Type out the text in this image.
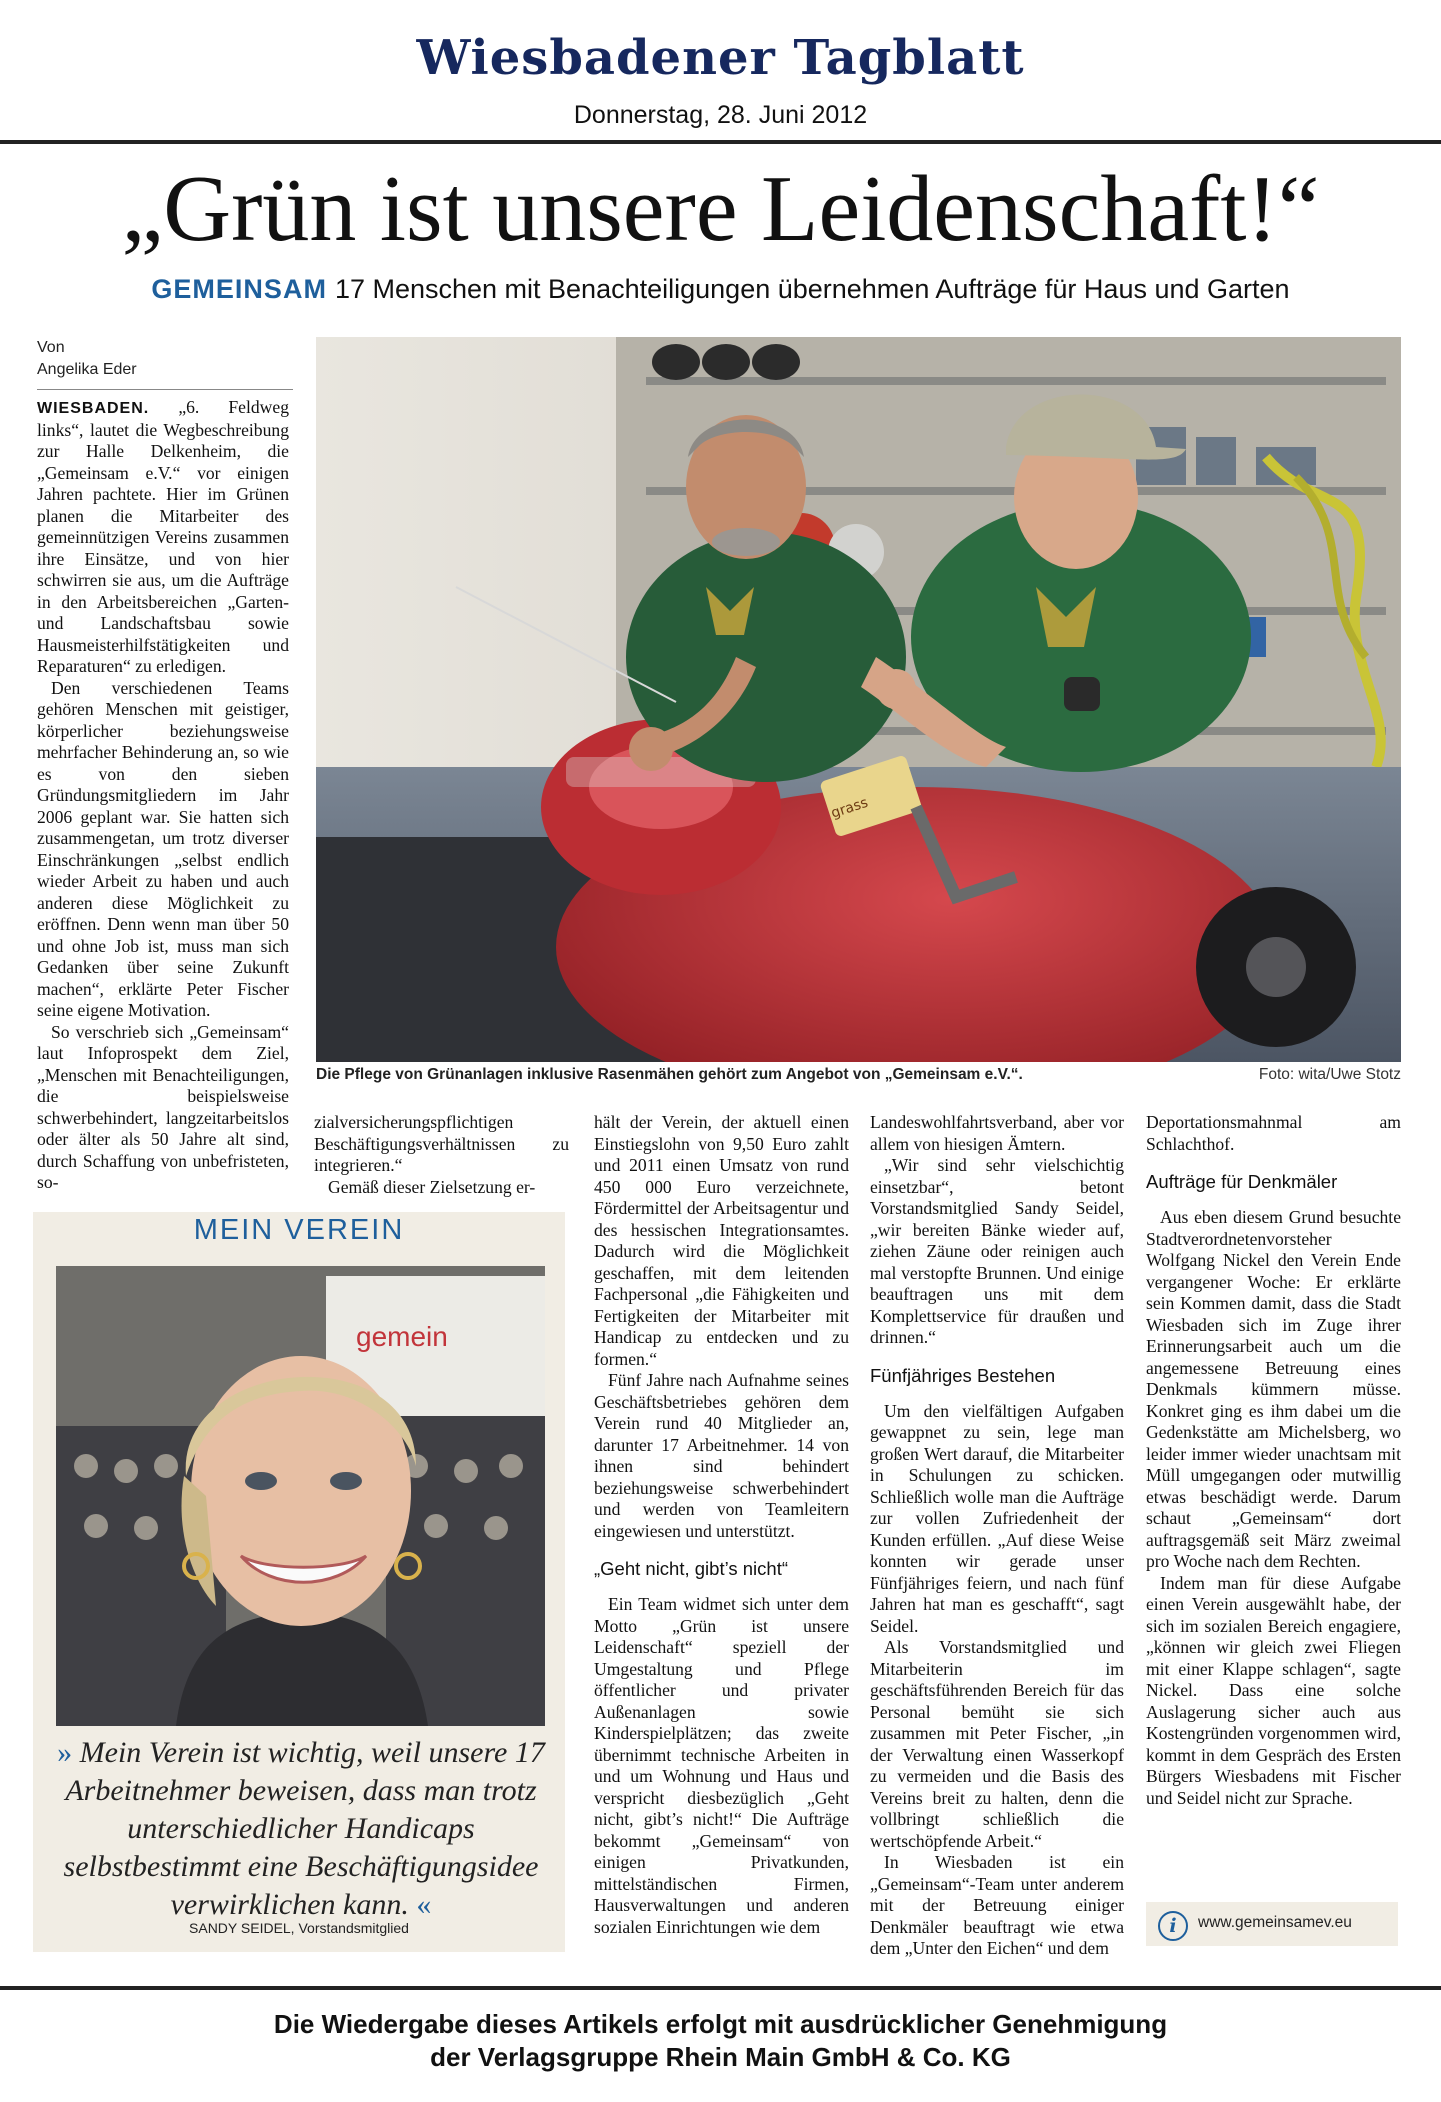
Wiesbadener Tagblatt
Donnerstag, 28. Juni 2012
„Grün ist unsere Leidenschaft!“
GEMEINSAM 17 Menschen mit Benachteiligungen übernehmen Aufträge für Haus und Garten
Von
Angelika Eder

WIESBADEN. „6. Feldweg links“, lautet die Wegbeschreibung zur Halle Delkenheim, die „Gemeinsam e.V.“ vor einigen Jahren pachtete. Hier im Grünen planen die Mitarbeiter des gemeinnützigen Vereins zusammen ihre Einsätze, und von hier schwirren sie aus, um die Aufträge in den Arbeitsbereichen „Garten- und Landschaftsbau sowie Hausmeisterhilfstätigkeiten und Reparaturen“ zu erledigen.

Den verschiedenen Teams gehören Menschen mit geistiger, körperlicher beziehungsweise mehrfacher Behinderung an, so wie es von den sieben Gründungsmitgliedern im Jahr 2006 geplant war. Sie hatten sich zusammengetan, um trotz diverser Einschränkungen „selbst endlich wieder Arbeit zu haben und auch anderen diese Möglichkeit zu eröffnen. Denn wenn man über 50 und ohne Job ist, muss man sich Gedanken über seine Zukunft machen“, erklärte Peter Fischer seine eigene Motivation.

So verschrieb sich „Gemeinsam“ laut Infoprospekt dem Ziel, „Menschen mit Benachteiligungen, die beispielsweise schwerbehindert, langzeitarbeitslos oder älter als 50 Jahre alt sind, durch Schaffung von unbefristeten, so-

grass
Die Pflege von Grünanlagen inklusive Rasenmähen gehört zum Angebot von „Gemeinsam e.V.“.	Foto: wita/Uwe Stotz

zialversicherungspflichtigen Beschäftigungsverhältnissen zu integrieren.“

Gemäß dieser Zielsetzung er-

MEIN VEREIN
gemein
» Mein Verein ist wichtig, weil unsere 17 Arbeitnehmer beweisen, dass man trotz unterschiedlicher Handicaps selbstbestimmt eine Beschäftigungsidee verwirklichen kann. «
SANDY SEIDEL, Vorstandsmitglied

hält der Verein, der aktuell einen Einstiegslohn von 9,50 Euro zahlt und 2011 einen Umsatz von rund 450 000 Euro verzeichnete, Fördermittel der Arbeitsagentur und des hessischen Integrationsamtes. Dadurch wird die Möglichkeit geschaffen, mit dem leitenden Fachpersonal „die Fähigkeiten und Fertigkeiten der Mitarbeiter mit Handicap zu entdecken und zu formen.“

Fünf Jahre nach Aufnahme seines Geschäftsbetriebes gehören dem Verein rund 40 Mitglieder an, darunter 17 Arbeitnehmer. 14 von ihnen sind behindert beziehungsweise schwerbehindert und werden von Teamleitern eingewiesen und unterstützt.

„Geht nicht, gibt’s nicht“

Ein Team widmet sich unter dem Motto „Grün ist unsere Leidenschaft“ speziell der Umgestaltung und Pflege öffentlicher und privater Außenanlagen sowie Kinderspielplätzen; das zweite übernimmt technische Arbeiten in und um Wohnung und Haus und verspricht diesbezüglich „Geht nicht, gibt’s nicht!“ Die Aufträge bekommt „Gemeinsam“ von einigen Privatkunden, mittelständischen Firmen, Hausverwaltungen und anderen sozialen Einrichtungen wie dem

Landeswohlfahrtsverband, aber vor allem von hiesigen Ämtern.

„Wir sind sehr vielschichtig einsetzbar“, betont Vorstandsmitglied Sandy Seidel, „wir bereiten Bänke wieder auf, ziehen Zäune oder reinigen auch mal verstopfte Brunnen. Und einige beauftragen uns mit dem Komplettservice für draußen und drinnen.“

Fünfjähriges Bestehen

Um den vielfältigen Aufgaben gewappnet zu sein, lege man großen Wert darauf, die Mitarbeiter in Schulungen zu schicken. Schließlich wolle man die Aufträge zur vollen Zufriedenheit der Kunden erfüllen. „Auf diese Weise konnten wir gerade unser Fünfjähriges feiern, und nach fünf Jahren hat man es geschafft“, sagt Seidel.

Als Vorstandsmitglied und Mitarbeiterin im geschäftsführenden Bereich für das Personal bemüht sie sich zusammen mit Peter Fischer, „in der Verwaltung einen Wasserkopf zu vermeiden und die Basis des Vereins breit zu halten, denn die vollbringt schließlich die wertschöpfende Arbeit.“

In Wiesbaden ist ein „Gemeinsam“-Team unter anderem mit der Betreuung einiger Denkmäler beauftragt wie etwa dem „Unter den Eichen“ und dem

Deportationsmahnmal am Schlachthof.

Aufträge für Denkmäler

Aus eben diesem Grund besuchte Stadtverordnetenvorsteher Wolfgang Nickel den Verein Ende vergangener Woche: Er erklärte sein Kommen damit, dass die Stadt Wiesbaden sich im Zuge ihrer Erinnerungsarbeit auch um die angemessene Betreuung eines Denkmals kümmern müsse. Konkret ging es ihm dabei um die Gedenkstätte am Michelsberg, wo leider immer wieder unachtsam mit Müll umgegangen oder mutwillig etwas beschädigt werde. Darum schaut „Gemeinsam“ dort auftragsgemäß seit März zweimal pro Woche nach dem Rechten.

Indem man für diese Aufgabe einen Verein ausgewählt habe, der sich im sozialen Bereich engagiere, „können wir gleich zwei Fliegen mit einer Klappe schlagen“, sagte Nickel. Dass eine solche Auslagerung sicher auch aus Kostengründen vorgenommen wird, kommt in dem Gespräch des Ersten Bürgers Wiesbadens mit Fischer und Seidel nicht zur Sprache.

i	www.gemeinsamev.eu
Die Wiedergabe dieses Artikels erfolgt mit ausdrücklicher Genehmigung
der Verlagsgruppe Rhein Main GmbH & Co. KG
